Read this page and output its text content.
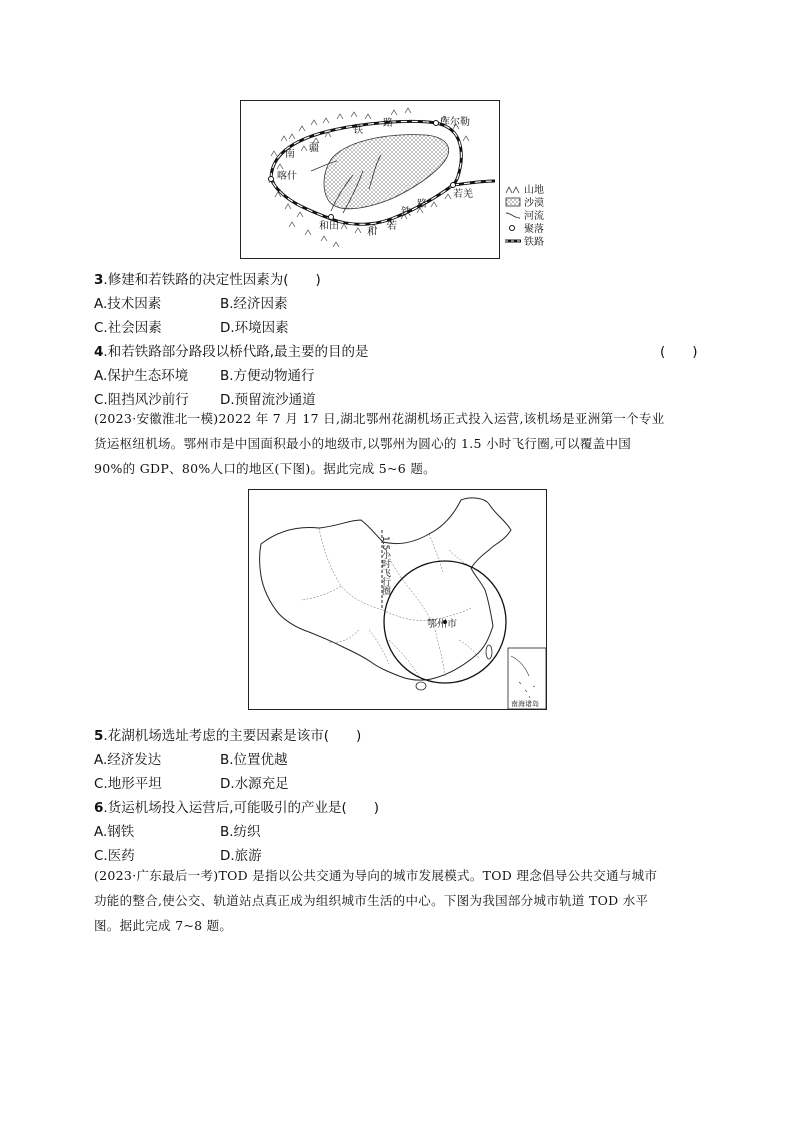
铁
路	库尔勒
南
疆
喀什
若羌
铁
路
和田
和
若
山地
沙漠
河流
聚落
铁路
3.修建和若铁路的决定性因素为(　　)
A.技术因素	B.经济因素
C.社会因素	D.环境因素
4.和若铁路部分路段以桥代路,最主要的目的是	(　　)
A.保护生态环境 B.方便动物通行
C.阻挡风沙前行 D.预留流沙通道
(2023·安徽淮北一模)2022 年 7 月 17 日,湖北鄂州花湖机场正式投入运营,该机场是亚洲第一个专业
货运枢纽机场。鄂州市是中国面积最小的地级市,以鄂州为圆心的 1.5 小时飞行圈,可以覆盖中国
90%的 GDP、80%人口的地区(下图)。据此完成 5~6 题。
1.5小时飞行圈
鄂州市
南海诸岛
5.花湖机场选址考虑的主要因素是该市(　　)
A.经济发达	B.位置优越
C.地形平坦	D.水源充足
6.货运机场投入运营后,可能吸引的产业是(　　)
A.钢铁	B.纺织
C.医药	D.旅游
(2023·广东最后一考)TOD 是指以公共交通为导向的城市发展模式。TOD 理念倡导公共交通与城市
功能的整合,使公交、轨道站点真正成为组织城市生活的中心。下图为我国部分城市轨道 TOD 水平
图。据此完成 7~8 题。
